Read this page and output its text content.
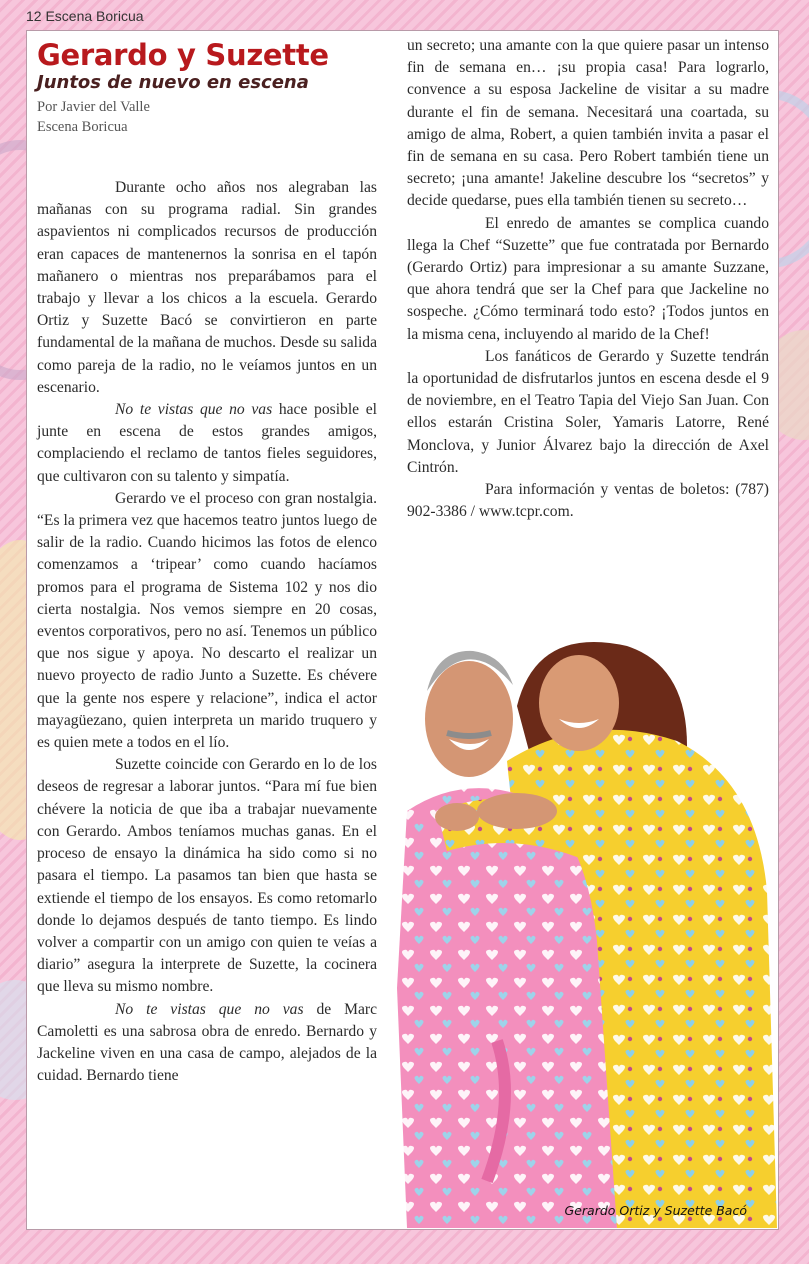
12 Escena Boricua
Gerardo y Suzette
Juntos de nuevo en escena
Por Javier del Valle
Escena Boricua

Durante ocho años nos alegraban las mañanas con su programa radial. Sin grandes aspavientos ni complicados recursos de producción eran capaces de mantenernos la sonrisa en el tapón mañanero o mientras nos preparábamos para el trabajo y llevar a los chicos a la escuela. Gerardo Ortiz y Suzette Bacó se convirtieron en parte fundamental de la mañana de muchos. Desde su salida como pareja de la radio, no le veíamos juntos en un escenario.

No te vistas que no vas hace posible el junte en escena de estos grandes amigos, complaciendo el reclamo de tantos fieles seguidores, que cultivaron con su talento y simpatía.

Gerardo ve el proceso con gran nostalgia. “Es la primera vez que hacemos teatro juntos luego de salir de la radio. Cuando hicimos las fotos de elenco comenzamos a ‘tripear’ como cuando hacíamos promos para el programa de Sistema 102 y nos dio cierta nostalgia. Nos vemos siempre en 20 cosas, eventos corporativos, pero no así. Tenemos un público que nos sigue y apoya. No descarto el realizar un nuevo proyecto de radio Junto a Suzette. Es chévere que la gente nos espere y relacione”, indica el actor mayagüezano, quien interpreta un marido truquero y es quien mete a todos en el lío.

Suzette coincide con Gerardo en lo de los deseos de regresar a laborar juntos. “Para mí fue bien chévere la noticia de que iba a trabajar nuevamente con Gerardo. Ambos teníamos muchas ganas. En el proceso de ensayo la dinámica ha sido como si no pasara el tiempo. La pasamos tan bien que hasta se extiende el tiempo de los ensayos. Es como retomarlo donde lo dejamos después de tanto tiempo. Es lindo volver a compartir con un amigo con quien te veías a diario” asegura la interprete de Suzette, la cocinera que lleva su mismo nombre.

No te vistas que no vas de Marc Camoletti es una sabrosa obra de enredo. Bernardo y Jackeline viven en una casa de campo, alejados de la cuidad. Bernardo tiene

un secreto; una amante con la que quiere pasar un intenso fin de semana en… ¡su propia casa! Para lograrlo, convence a su esposa Jackeline de visitar a su madre durante el fin de semana. Necesitará una coartada, su amigo de alma, Robert, a quien también invita a pasar el fin de semana en su casa. Pero Robert también tiene un secreto; ¡una amante! Jakeline descubre los “secretos” y decide quedarse, pues ella también tienen su secreto…

El enredo de amantes se complica cuando llega la Chef “Suzette” que fue contratada por Bernardo (Gerardo Ortiz) para impresionar a su amante Suzzane, que ahora tendrá que ser la Chef para que Jackeline no sospeche. ¿Cómo terminará todo esto? ¡Todos juntos en la misma cena, incluyendo al marido de la Chef!

Los fanáticos de Gerardo y Suzette tendrán la oportunidad de disfrutarlos juntos en escena desde el 9 de noviembre, en el Teatro Tapia del Viejo San Juan. Con ellos estarán Cristina Soler, Yamaris Latorre, René Monclova, y Junior Álvarez bajo la dirección de Axel Cintrón.

Para información y ventas de boletos: (787) 902-3386 / www.tcpr.com.

Gerardo Ortiz y Suzette Bacó
